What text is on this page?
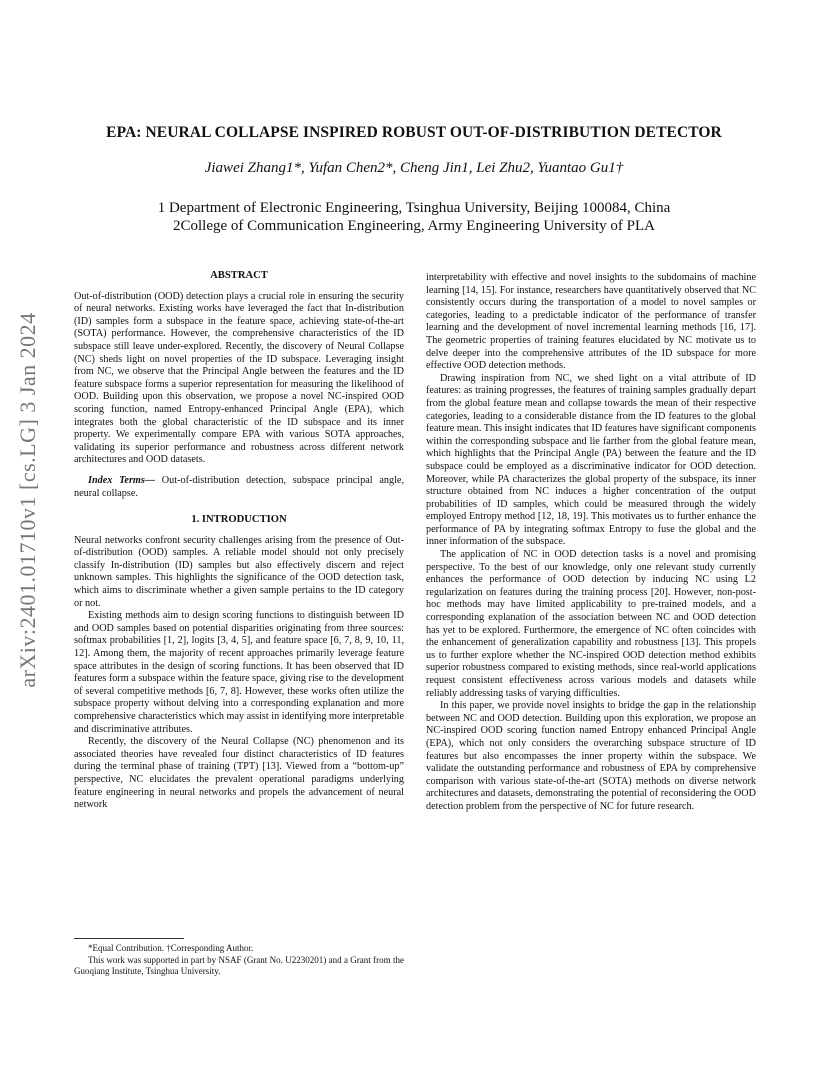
arXiv:2401.01710v1 [cs.LG] 3 Jan 2024
EPA: NEURAL COLLAPSE INSPIRED ROBUST OUT-OF-DISTRIBUTION DETECTOR
Jiawei Zhang1*, Yufan Chen2*, Cheng Jin1, Lei Zhu2, Yuantao Gu1†
1 Department of Electronic Engineering, Tsinghua University, Beijing 100084, China
2College of Communication Engineering, Army Engineering University of PLA
ABSTRACT

Out-of-distribution (OOD) detection plays a crucial role in ensuring the security of neural networks. Existing works have leveraged the fact that In-distribution (ID) samples form a subspace in the feature space, achieving state-of-the-art (SOTA) performance. However, the comprehensive characteristics of the ID subspace still leave under-explored. Recently, the discovery of Neural Collapse (NC) sheds light on novel properties of the ID subspace. Leveraging insight from NC, we observe that the Principal Angle between the features and the ID feature subspace forms a superior representation for measuring the likelihood of OOD. Building upon this observation, we propose a novel NC-inspired OOD scoring function, named Entropy-enhanced Principal Angle (EPA), which integrates both the global characteristic of the ID subspace and its inner property. We experimentally compare EPA with various SOTA approaches, validating its superior performance and robustness across different network architectures and OOD datasets.

Index Terms— Out-of-distribution detection, subspace principal angle, neural collapse.

1. INTRODUCTION

Neural networks confront security challenges arising from the presence of Out-of-distribution (OOD) samples. A reliable model should not only precisely classify In-distribution (ID) samples but also effectively discern and reject unknown samples. This highlights the significance of the OOD detection task, which aims to discriminate whether a given sample pertains to the ID category or not.

Existing methods aim to design scoring functions to distinguish between ID and OOD samples based on potential disparities originating from three sources: softmax probabilities [1, 2], logits [3, 4, 5], and feature space [6, 7, 8, 9, 10, 11, 12]. Among them, the majority of recent approaches primarily leverage feature space attributes in the design of scoring functions. It has been observed that ID features form a subspace within the feature space, giving rise to the development of several competitive methods [6, 7, 8]. However, these works often utilize the subspace property without delving into a corresponding explanation and more comprehensive characteristics which may assist in identifying more interpretable and discriminative attributes.

Recently, the discovery of the Neural Collapse (NC) phenomenon and its associated theories have revealed four distinct characteristics of ID features during the terminal phase of training (TPT) [13]. Viewed from a “bottom-up” perspective, NC elucidates the prevalent operational paradigms underlying feature engineering in neural networks and propels the advancement of neural network

*Equal Contribution. †Corresponding Author.

This work was supported in part by NSAF (Grant No. U2230201) and a Grant from the Guoqiang Institute, Tsinghua University.

interpretability with effective and novel insights to the subdomains of machine learning [14, 15]. For instance, researchers have quantitatively observed that NC consistently occurs during the transportation of a model to novel samples or categories, leading to a predictable indicator of the performance of transfer learning and the development of novel incremental learning methods [16, 17]. The geometric properties of training features elucidated by NC motivate us to delve deeper into the comprehensive attributes of the ID subspace for more effective OOD detection methods.

Drawing inspiration from NC, we shed light on a vital attribute of ID features: as training progresses, the features of training samples gradually depart from the global feature mean and collapse towards the mean of their respective categories, leading to a considerable distance from the ID features to the global feature mean. This insight indicates that ID features have significant components within the corresponding subspace and lie farther from the global feature mean, which highlights that the Principal Angle (PA) between the feature and the ID subspace could be employed as a discriminative indicator for OOD detection. Moreover, while PA characterizes the global property of the subspace, its inner structure obtained from NC induces a higher concentration of the output probabilities of ID samples, which could be measured through the widely employed Entropy method [12, 18, 19]. This motivates us to further enhance the performance of PA by integrating softmax Entropy to fuse the global and the inner information of the subspace.

The application of NC in OOD detection tasks is a novel and promising perspective. To the best of our knowledge, only one relevant study currently enhances the performance of OOD detection by inducing NC using L2 regularization on features during the training process [20]. However, non-post-hoc methods may have limited applicability to pre-trained models, and a corresponding explanation of the association between NC and OOD detection has yet to be explored. Furthermore, the emergence of NC often coincides with the enhancement of generalization capability and robustness [13]. This propels us to further explore whether the NC-inspired OOD detection method exhibits superior robustness compared to existing methods, since real-world applications request consistent effectiveness across various models and datasets while reliably addressing tasks of varying difficulties.

In this paper, we provide novel insights to bridge the gap in the relationship between NC and OOD detection. Building upon this exploration, we propose an NC-inspired OOD scoring function named Entropy enhanced Principal Angle (EPA), which not only considers the overarching subspace structure of ID features but also encompasses the inner property within the subspace. We validate the outstanding performance and robustness of EPA by comprehensive comparison with various state-of-the-art (SOTA) methods on diverse network architectures and datasets, demonstrating the potential of reconsidering the OOD detection problem from the perspective of NC for future research.
